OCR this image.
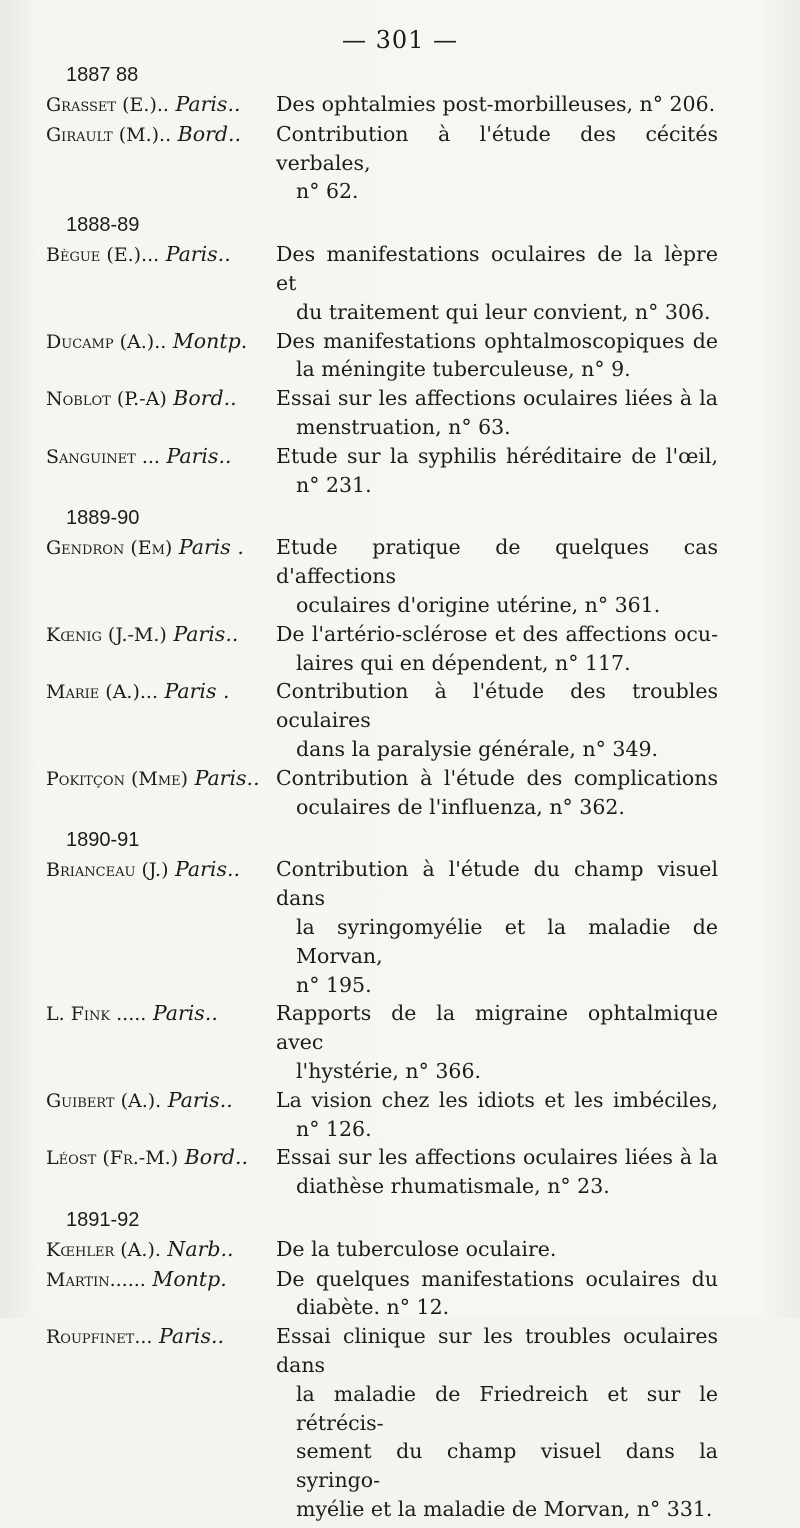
— 301 —
1887 88
Grasset (E.).. Paris..	Des ophtalmies post-morbilleuses, n° 206.
Girault (M.).. Bord..	Contribution à l'étude des cécités verbales,
n° 62.
1888-89
Bègue (E.)... Paris..	Des manifestations oculaires de la lèpre et
du traitement qui leur convient, n° 306.
Ducamp (A.).. Montp.	Des manifestations ophtalmoscopiques de
la méningite tuberculeuse, n° 9.
Noblot (P.-A) Bord..	Essai sur les affections oculaires liées à la
menstruation, n° 63.
Sanguinet ... Paris..	Etude sur la syphilis héréditaire de l'œil,
n° 231.
1889-90
Gendron (Em) Paris .	Etude pratique de quelques cas d'affections
oculaires d'origine utérine, n° 361.
Kœnig (J.-M.) Paris..	De l'artério-sclérose et des affections ocu-
laires qui en dépendent, n° 117.
Marie (A.)... Paris .	Contribution à l'étude des troubles oculaires
dans la paralysie générale, n° 349.
Pokitçon (Mme) Paris.. Contribution à l'étude des complications
oculaires de l'influenza, n° 362.
1890-91
Brianceau (J.) Paris..	Contribution à l'étude du champ visuel dans
la syringomyélie et la maladie de Morvan,
n° 195.
L. Fink ..... Paris..	Rapports de la migraine ophtalmique avec
l'hystérie, n° 366.
Guibert (A.). Paris..	La vision chez les idiots et les imbéciles,
n° 126.
Léost (Fr.-M.) Bord..	Essai sur les affections oculaires liées à la
diathèse rhumatismale, n° 23.
1891-92
Kœhler (A.). Narb..	De la tuberculose oculaire.
Martin...... Montp.	De quelques manifestations oculaires du
diabète. n° 12.
Roupfinet... Paris..	Essai clinique sur les troubles oculaires dans
la maladie de Friedreich et sur le rétrécis-
sement du champ visuel dans la syringo-
myélie et la maladie de Morvan, n° 331.
